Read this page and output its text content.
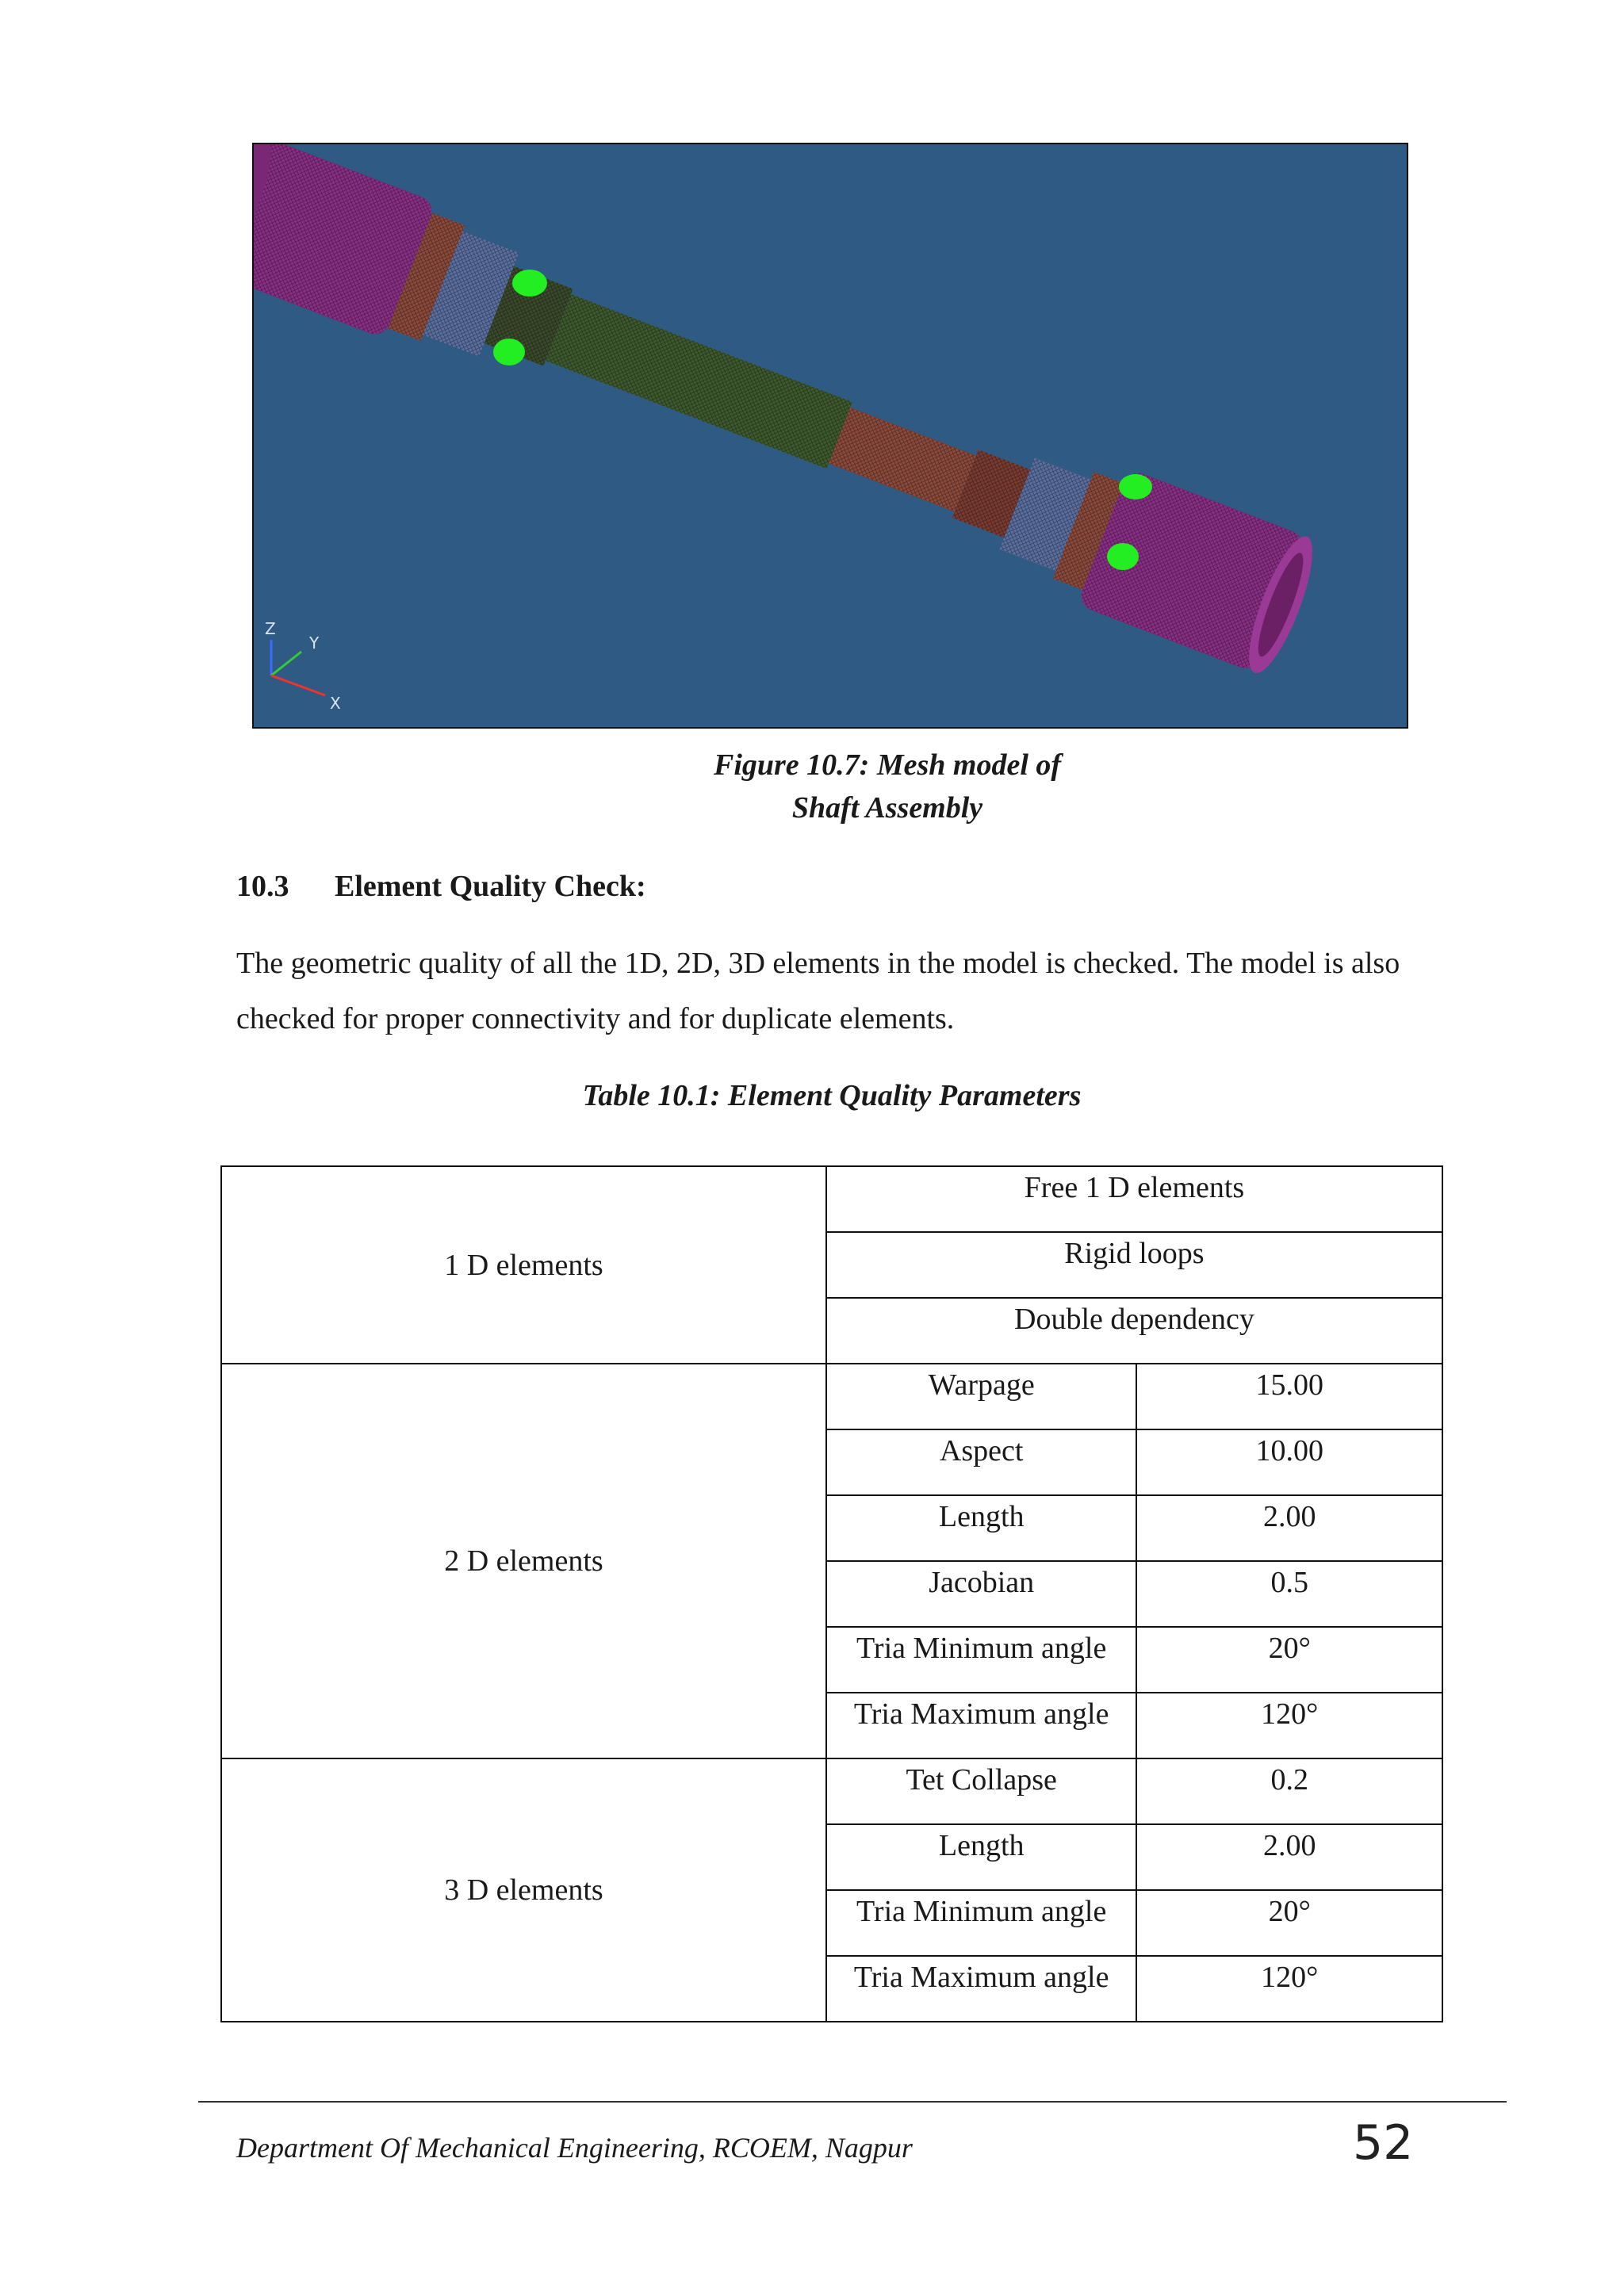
Z
Y
X
Figure 10.7: Mesh model of
Shaft Assembly
10.3 Element Quality Check:
The geometric quality of all the 1D, 2D, 3D elements in the model is checked. The model is also checked for proper connectivity and for duplicate elements.
Table 10.1: Element Quality Parameters
1 D elements	Free 1 D elements	
	Rigid loops	
	Double dependency	
2 D elements	Warpage	15.00
	Aspect	10.00
	Length	2.00
	Jacobian	0.5
	Tria Minimum angle	20°
	Tria Maximum angle	120°
3 D elements	Tet Collapse	0.2
	Length	2.00
	Tria Minimum angle	20°
	Tria Maximum angle	120°
Department Of Mechanical Engineering, RCOEM, Nagpur	52
